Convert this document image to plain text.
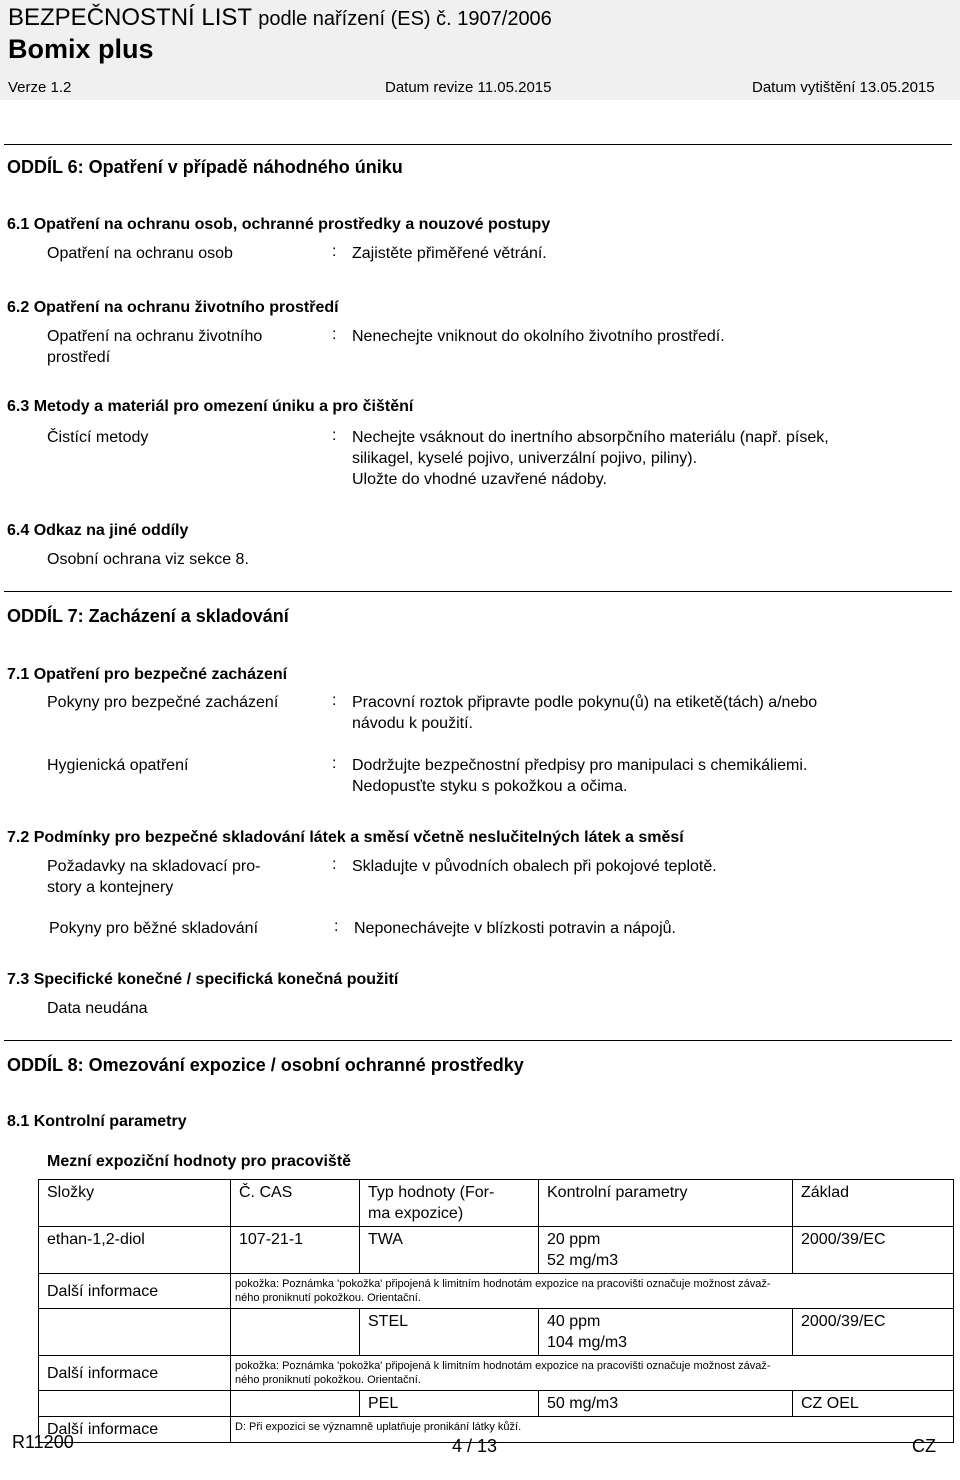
BEZPEČNOSTNÍ LIST podle nařízení (ES) č. 1907/2006
Bomix plus
Verze 1.2	Datum revize 11.05.2015	Datum vytištění 13.05.2015
ODDÍL 6: Opatření v případě náhodného úniku
6.1 Opatření na ochranu osob, ochranné prostředky a nouzové postupy
Opatření na ochranu osob	: Zajistěte přiměřené větrání.
6.2 Opatření na ochranu životního prostředí
Opatření na ochranu životního
prostředí
: Nenechejte vniknout do okolního životního prostředí.
6.3 Metody a materiál pro omezení úniku a pro čištění
Čistící metody	: Nechejte vsáknout do inertního absorpčního materiálu (např. písek,
silikagel, kyselé pojivo, univerzální pojivo, piliny).
Uložte do vhodné uzavřené nádoby.
6.4 Odkaz na jiné oddíly
Osobní ochrana viz sekce 8.
ODDÍL 7: Zacházení a skladování
7.1 Opatření pro bezpečné zacházení
Pokyny pro bezpečné zacházení	: Pracovní roztok připravte podle pokynu(ů) na etiketě(tách) a/nebo
návodu k použití.
Hygienická opatření	: Dodržujte bezpečnostní předpisy pro manipulaci s chemikáliemi.
Nedopusťte styku s pokožkou a očima.
7.2 Podmínky pro bezpečné skladování látek a směsí včetně neslučitelných látek a směsí
Požadavky na skladovací pro-
story a kontejnery
: Skladujte v původních obalech při pokojové teplotě.
Pokyny pro běžné skladování	: Neponechávejte v blízkosti potravin a nápojů.
7.3 Specifické konečné / specifická konečná použití
Data neudána
ODDÍL 8: Omezování expozice / osobní ochranné prostředky
8.1 Kontrolní parametry
Mezní expoziční hodnoty pro pracoviště
Složky	Č. CAS	Typ hodnoty (For-
ma expozice)	Kontrolní parametry	Základ
ethan-1,2-diol	107-21-1	TWA	20 ppm
52 mg/m3	2000/39/EC
Další informace	pokožka: Poznámka 'pokožka' připojená k limitním hodnotám expozice na pracovišti označuje možnost závaž-
ného proniknutí pokožkou. Orientační.			

		STEL	40 ppm
104 mg/m3	2000/39/EC
Další informace	pokožka: Poznámka 'pokožka' připojená k limitním hodnotám expozice na pracovišti označuje možnost závaž-
ného proniknutí pokožkou. Orientační.			

		PEL	50 mg/m3	CZ OEL
Další informace	D: Při expozici se významně uplatňuje pronikání látky kůží.			
R11200	4 / 13	CZ
